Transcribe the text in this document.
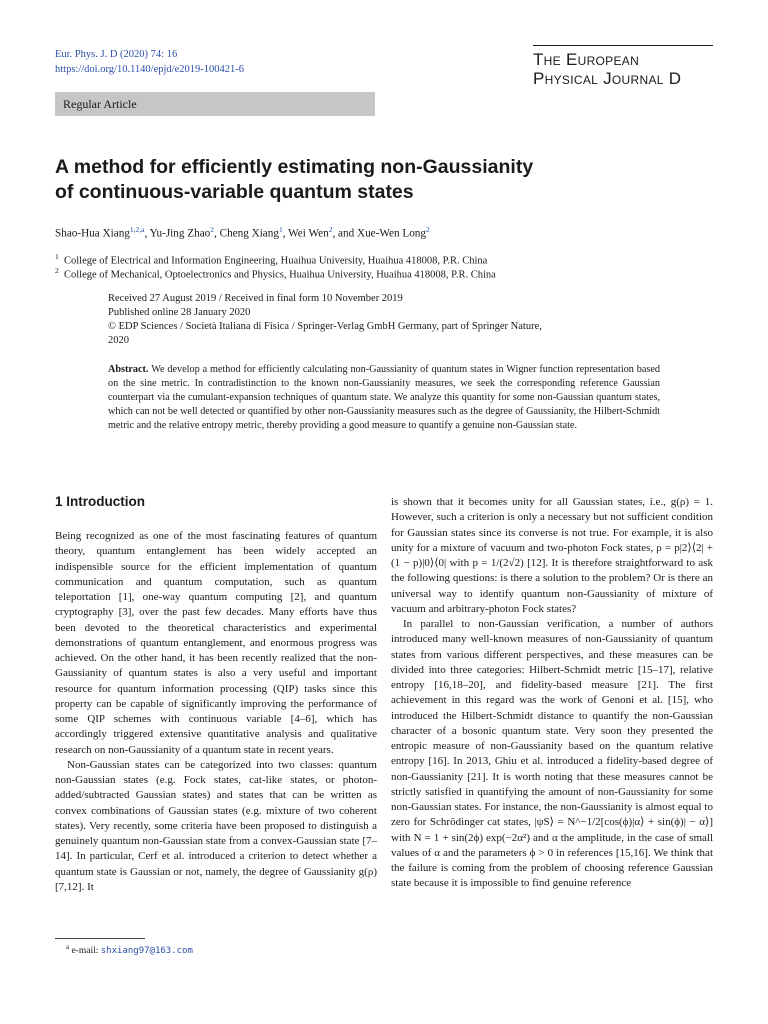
Eur. Phys. J. D (2020) 74: 16
https://doi.org/10.1140/epjd/e2019-100421-6
The European
Physical Journal D
Regular Article
A method for efficiently estimating non-Gaussianity
of continuous-variable quantum states
Shao-Hua Xiang$^{1,2,a}$, Yu-Jing Zhao$^2$, Cheng Xiang$^1$, Wei Wen$^2$, and Xue-Wen Long$^2$
$^1$ College of Electrical and Information Engineering, Huaihua University, Huaihua 418008, P.R. China
$^2$ College of Mechanical, Optoelectronics and Physics, Huaihua University, Huaihua 418008, P.R. China
Received 27 August 2019 / Received in final form 10 November 2019
Published online 28 January 2020
© EDP Sciences / Società Italiana di Fisica / Springer-Verlag GmbH Germany, part of Springer Nature,
2020
Abstract. We develop a method for efficiently calculating non-Gaussianity of quantum states in Wigner function representation based on the sine metric. In contradistinction to the known non-Gaussianity measures, we seek the corresponding reference Gaussian counterpart via the cumulant-expansion techniques of quantum state. We analyze this quantity for some non-Gaussian quantum states, which can not be well detected or quantified by other non-Gaussianity measures such as the degree of Gaussianity, the Hilbert-Schmidt metric and the relative entropy metric, thereby providing a good measure to quantify a genuine non-Gaussian state.
1 Introduction

Being recognized as one of the most fascinating features of quantum theory, quantum entanglement has been widely accepted an indispensible source for the efficient implementation of quantum communication and quantum computation, such as quantum teleportation [1], one-way quantum computing [2], and quantum cryptography [3], over the past few decades. Many efforts have thus been devoted to the theoretical characteristics and experimental demonstrations of quantum entanglement, and enormous progress was achieved. On the other hand, it has been recently realized that the non-Gaussianity of quantum states is also a very useful and important resource for quantum information processing (QIP) tasks since this property can be capable of significantly improving the performance of some QIP schemes with continuous variable [4–6], which has accordingly triggered extensive quantitative analysis and qualitative research on non-Gaussianity of a quantum state in recent years.

Non-Gaussian states can be categorized into two classes: quantum non-Gaussian states (e.g. Fock states, cat-like states, or photon-added/subtracted Gaussian states) and states that can be written as convex combinations of Gaussian states (e.g. mixture of two coherent states). Very recently, some criteria have been proposed to distinguish a genuinely quantum non-Gaussian state from a convex-Gaussian state [7–14]. In particular, Cerf et al. introduced a criterion to detect whether a quantum state is Gaussian or not, namely, the degree of Gaussianity g(ρ) [7,12]. It

is shown that it becomes unity for all Gaussian states, i.e., g(ρ) = 1. However, such a criterion is only a necessary but not sufficient condition for Gaussian states since its converse is not true. For example, it is also unity for a mixture of vacuum and two-photon Fock states, ρ = p|2⟩⟨2| + (1 − p)|0⟩⟨0| with p = 1/(2√2) [12]. It is therefore straightforward to ask the following questions: is there a solution to the problem? Or is there an universal way to identify quantum non-Gaussianity of mixture of vacuum and arbitrary-photon Fock states?

In parallel to non-Gaussian verification, a number of authors introduced many well-known measures of non-Gaussianity of quantum states from various different perspectives, and these measures can be divided into three categories: Hilbert-Schmidt metric [15–17], relative entropy [16,18–20], and fidelity-based measure [21]. The first achievement in this regard was the work of Genoni et al. [15], who introduced the Hilbert-Schmidt distance to quantify the non-Gaussian character of a bosonic quantum state. Very soon they presented the entropic measure of non-Gaussianity based on the quantum relative entropy [16]. In 2013, Ghiu et al. introduced a fidelity-based degree of non-Gaussianity [21]. It is worth noting that these measures cannot be strictly satisfied in quantifying the amount of non-Gaussianity for some non-Gaussian states. For instance, the non-Gaussianity is almost equal to zero for Schrödinger cat states, |ψS⟩ = N^−1/2[cos(ϕ)|α⟩ + sin(ϕ)| − α⟩] with N = 1 + sin(2ϕ) exp(−2α²) and α the amplitude, in the case of small values of α and the parameters ϕ > 0 in references [15,16]. We think that the failure is coming from the problem of choosing reference Gaussian state because it is impossible to find genuine reference

$^a$ e-mail: shxiang97@163.com
